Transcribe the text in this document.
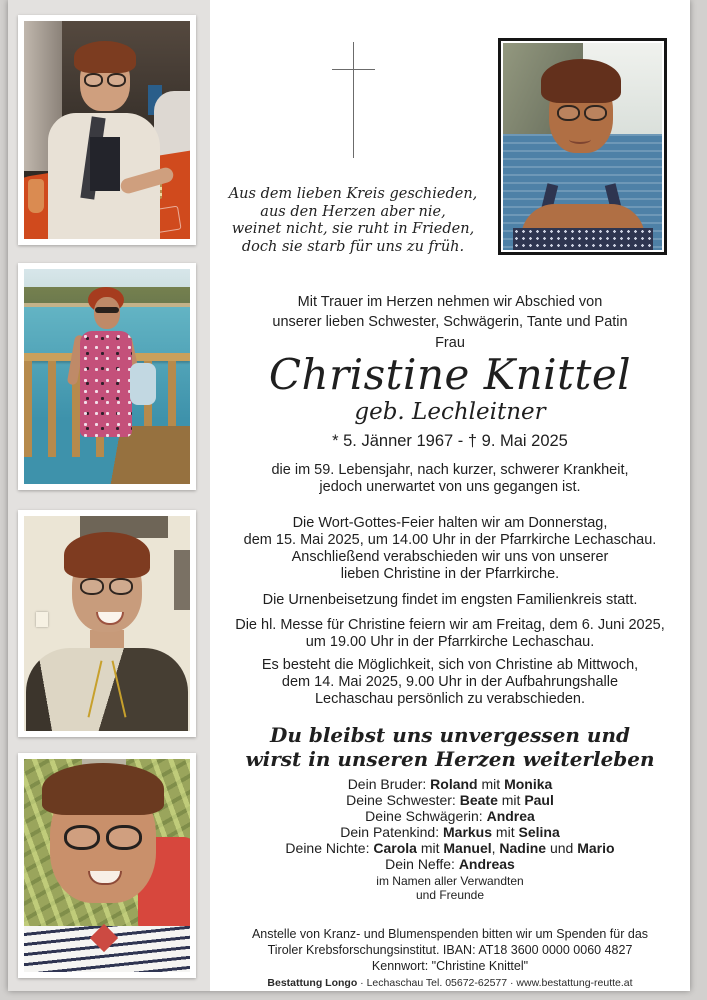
Aus dem lieben Kreis geschieden,
aus den Herzen aber nie,
weinet nicht, sie ruht in Frieden,
doch sie starb für uns zu früh.
Mit Trauer im Herzen nehmen wir Abschied von
unserer lieben Schwester, Schwägerin, Tante und Patin
Frau
Christine Knittel
geb. Lechleitner
* 5. Jänner 1967 - † 9. Mai 2025

die im 59. Lebensjahr, nach kurzer, schwerer Krankheit,
jedoch unerwartet von uns gegangen ist.

Die Wort-Gottes-Feier halten wir am Donnerstag,
dem 15. Mai 2025, um 14.00 Uhr in der Pfarrkirche Lechaschau.
Anschließend verabschieden wir uns von unserer
lieben Christine in der Pfarrkirche.

Die Urnenbeisetzung findet im engsten Familienkreis statt.

Die hl. Messe für Christine feiern wir am Freitag, dem 6. Juni 2025,
um 19.00 Uhr in der Pfarrkirche Lechaschau.

Es besteht die Möglichkeit, sich von Christine ab Mittwoch,
dem 14. Mai 2025, 9.00 Uhr in der Aufbahrungshalle
Lechaschau persönlich zu verabschieden.

Du bleibst uns unvergessen und
wirst in unseren Herzen weiterleben
Dein Bruder: Roland mit Monika
Deine Schwester: Beate mit Paul
Deine Schwägerin: Andrea
Dein Patenkind: Markus mit Selina
Deine Nichte: Carola mit Manuel, Nadine und Mario
Dein Neffe: Andreas
im Namen aller Verwandten
und Freunde
Anstelle von Kranz- und Blumenspenden bitten wir um Spenden für das
Tiroler Krebsforschungsinstitut. IBAN: AT18 3600 0000 0060 4827
Kennwort: "Christine Knittel"
Bestattung Longo · Lechaschau Tel. 05672-62577 · www.bestattung-reutte.at
